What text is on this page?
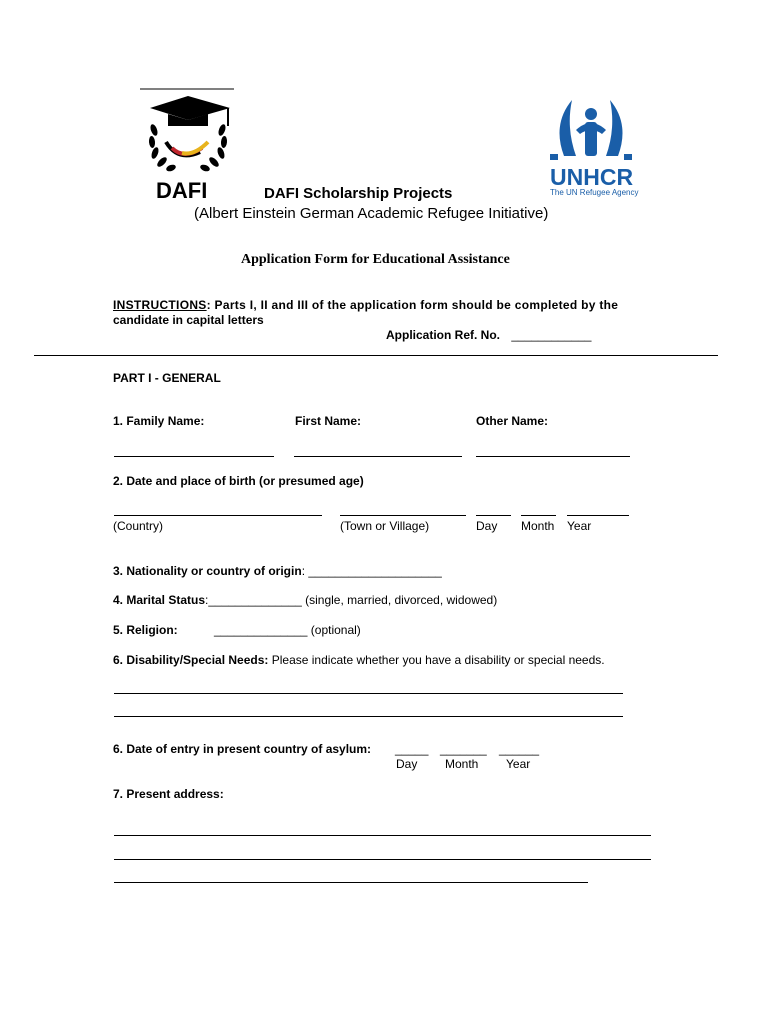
DAFI
UNHCR
The UN Refugee Agency
DAFI Scholarship Projects
(Albert Einstein German Academic Refugee Initiative)
Application Form for Educational Assistance
INSTRUCTIONS: Parts I, II and III of the application form should be completed by the
candidate in capital letters
Application Ref. No. ____________
PART I - GENERAL
1. Family Name:	First Name:	Other Name:
2. Date and place of birth (or presumed age)
(Country)	(Town or Village)	Day Month Year
3. Nationality or country of origin: ____________________
4. Marital Status:______________ (single, married, divorced, widowed)
5. Religion:	______________ (optional)
6. Disability/Special Needs: Please indicate whether you have a disability or special needs.
6. Date of entry in present country of asylum: _____ _______ ______
Day Month Year
7. Present address:
